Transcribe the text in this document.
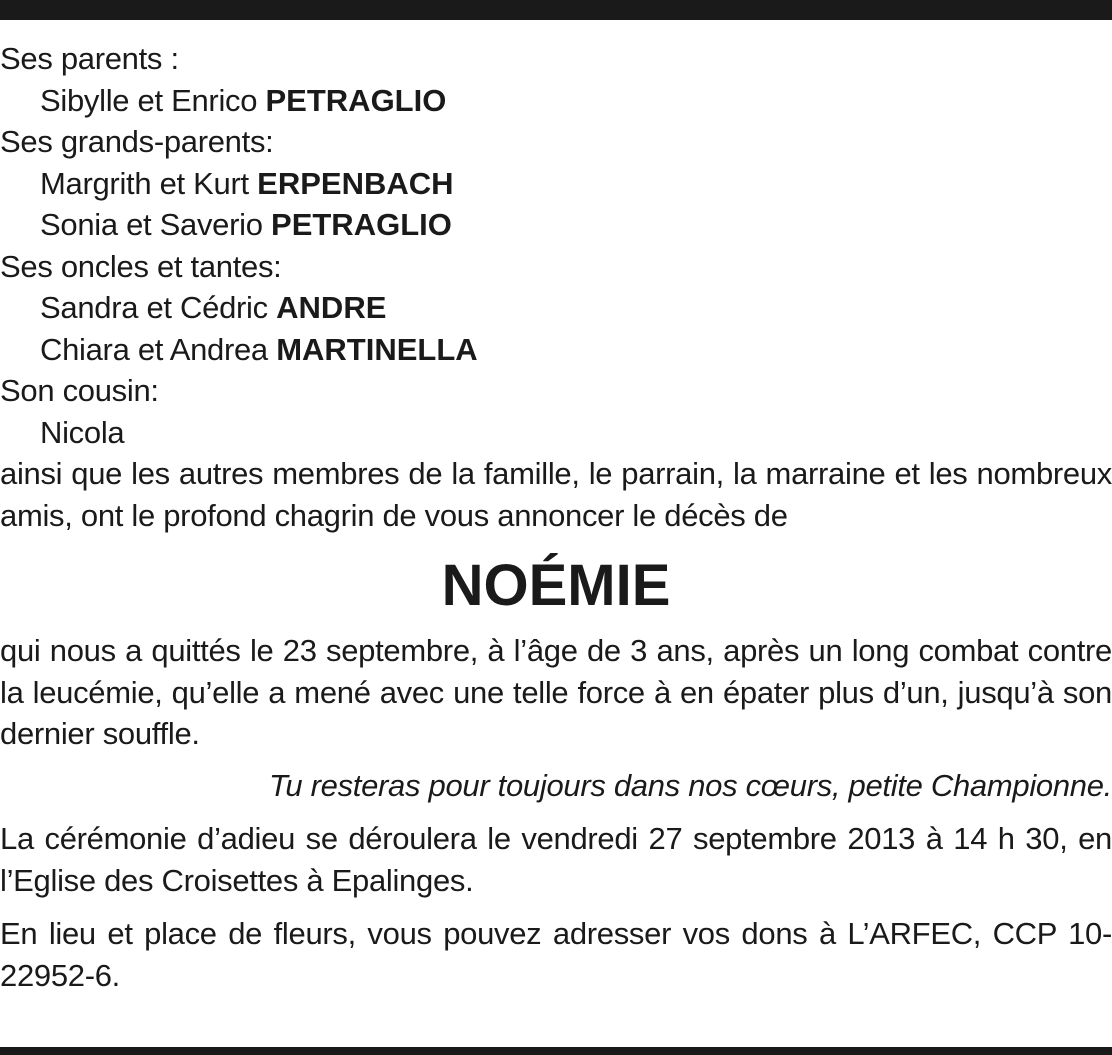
Ses parents :
Sibylle et Enrico PETRAGLIO
Ses grands-parents:
Margrith et Kurt ERPENBACH
Sonia et Saverio PETRAGLIO
Ses oncles et tantes:
Sandra et Cédric ANDRE
Chiara et Andrea MARTINELLA
Son cousin:
Nicola
ainsi que les autres membres de la famille, le parrain, la marraine et les nombreux amis, ont le profond chagrin de vous annoncer le décès de
NOÉMIE
qui nous a quittés le 23 septembre, à l’âge de 3 ans, après un long combat contre la leucémie, qu’elle a mené avec une telle force à en épater plus d’un, jusqu’à son dernier souffle.
Tu resteras pour toujours dans nos cœurs, petite Championne.
La cérémonie d’adieu se déroulera le vendredi 27 septembre 2013 à 14 h 30, en l’Eglise des Croisettes à Epalinges.
En lieu et place de fleurs, vous pouvez adresser vos dons à L’ARFEC, CCP 10-22952-6.
